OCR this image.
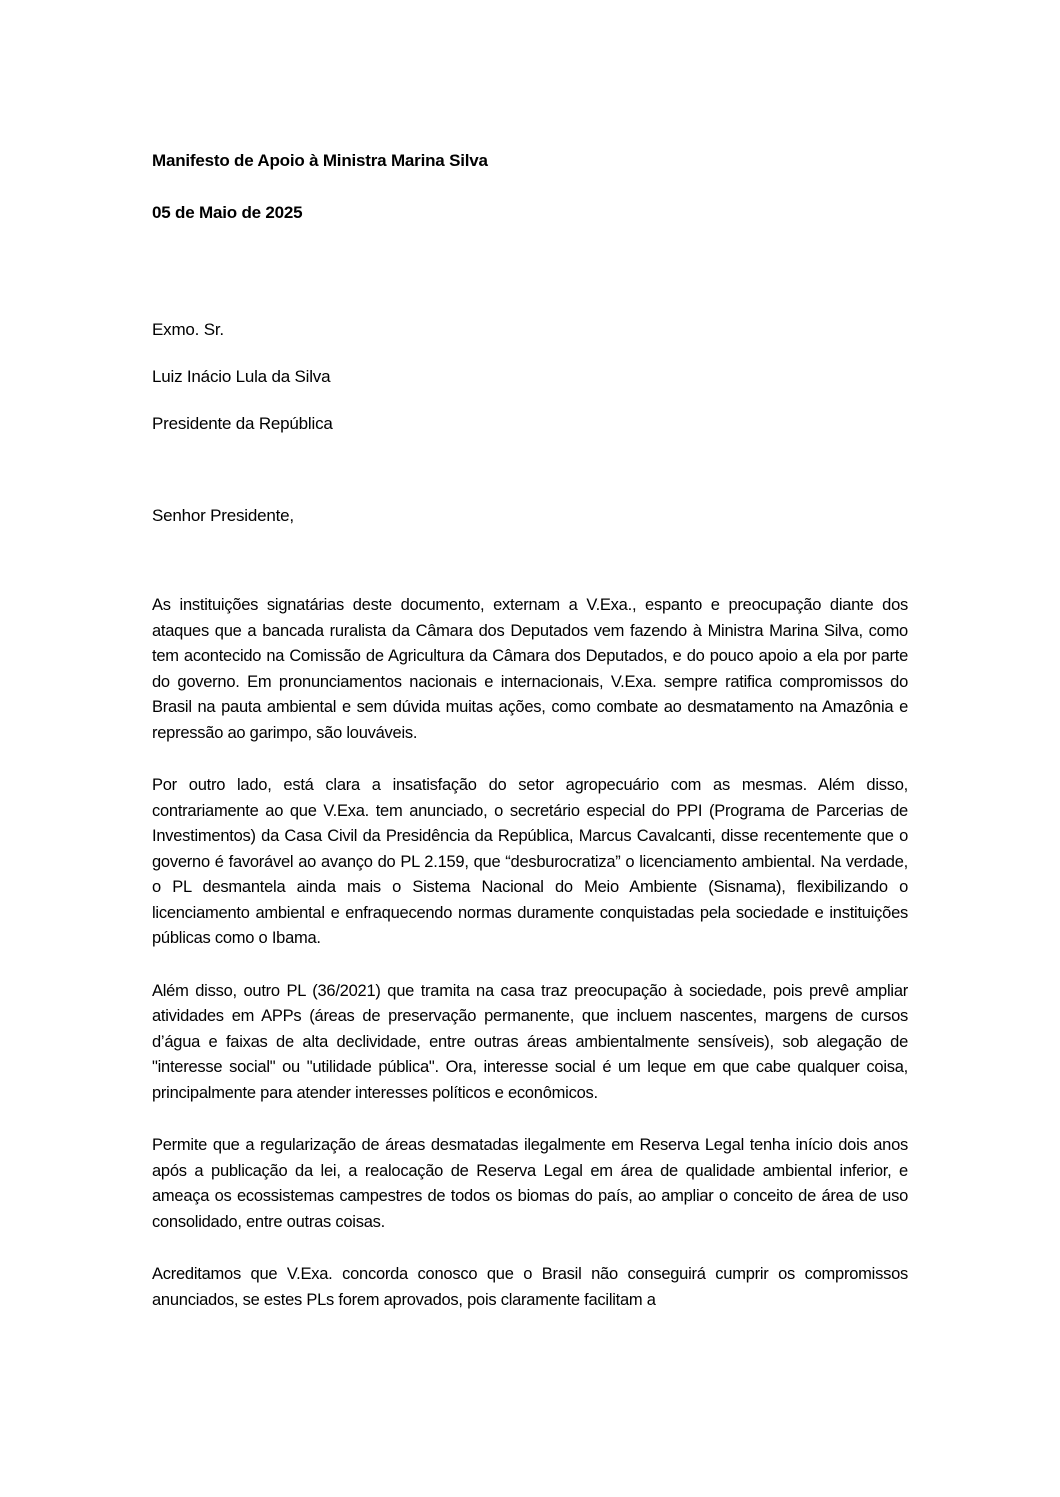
Manifesto de Apoio à Ministra Marina Silva

05 de Maio de 2025

Exmo. Sr.

Luiz Inácio Lula da Silva

Presidente da República

Senhor Presidente,

As instituições signatárias deste documento, externam a V.Exa., espanto e preocupação diante dos ataques que a bancada ruralista da Câmara dos Deputados vem fazendo à Ministra Marina Silva, como tem acontecido na Comissão de Agricultura da Câmara dos Deputados, e do pouco apoio a ela por parte do governo. Em pronunciamentos nacionais e internacionais, V.Exa. sempre ratifica compromissos do Brasil na pauta ambiental e sem dúvida muitas ações, como combate ao desmatamento na Amazônia e repressão ao garimpo, são louváveis.

Por outro lado, está clara a insatisfação do setor agropecuário com as mesmas. Além disso, contrariamente ao que V.Exa. tem anunciado, o secretário especial do PPI (Programa de Parcerias de Investimentos) da Casa Civil da Presidência da República, Marcus Cavalcanti, disse recentemente que o governo é favorável ao avanço do PL 2.159, que “desburocratiza” o licenciamento ambiental. Na verdade, o PL desmantela ainda mais o Sistema Nacional do Meio Ambiente (Sisnama), flexibilizando o licenciamento ambiental e enfraquecendo normas duramente conquistadas pela sociedade e instituições públicas como o Ibama.

Além disso, outro PL (36/2021) que tramita na casa traz preocupação à sociedade, pois prevê ampliar atividades em APPs (áreas de preservação permanente, que incluem nascentes, margens de cursos d’água e faixas de alta declividade, entre outras áreas ambientalmente sensíveis), sob alegação de "interesse social" ou "utilidade pública". Ora, interesse social é um leque em que cabe qualquer coisa, principalmente para atender interesses políticos e econômicos.

Permite que a regularização de áreas desmatadas ilegalmente em Reserva Legal tenha início dois anos após a publicação da lei, a realocação de Reserva Legal em área de qualidade ambiental inferior, e ameaça os ecossistemas campestres de todos os biomas do país, ao ampliar o conceito de área de uso consolidado, entre outras coisas.

Acreditamos que V.Exa. concorda conosco que o Brasil não conseguirá cumprir os compromissos anunciados, se estes PLs forem aprovados, pois claramente facilitam a
